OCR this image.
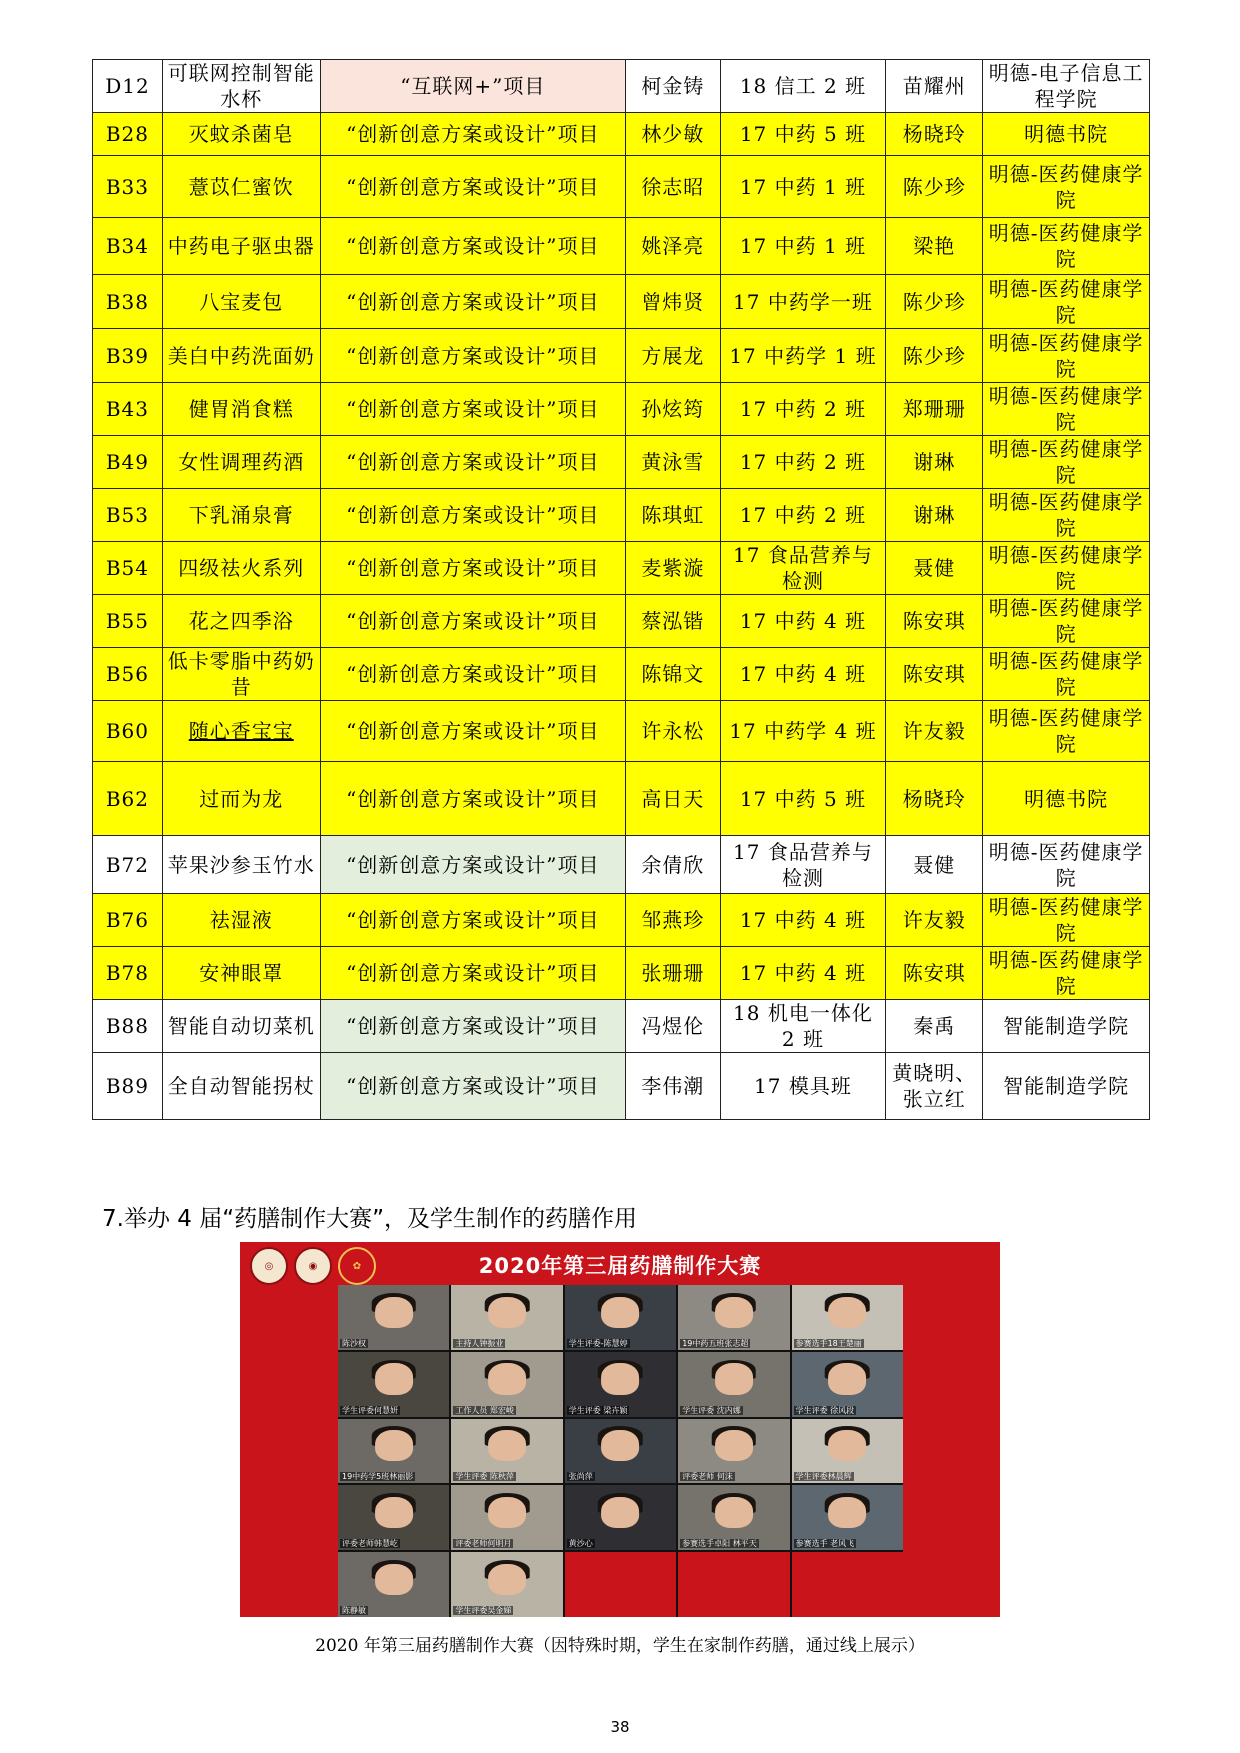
D12	可联网控制智能水杯	“互联网+”项目	柯金铸	18 信工 2 班	苗耀州	明德-电子信息工程学院
B28	灭蚊杀菌皂	“创新创意方案或设计”项目	林少敏	17 中药 5 班	杨晓玲	明德书院
B33	薏苡仁蜜饮	“创新创意方案或设计”项目	徐志昭	17 中药 1 班	陈少珍	明德-医药健康学院
B34	中药电子驱虫器	“创新创意方案或设计”项目	姚泽亮	17 中药 1 班	梁艳	明德-医药健康学院
B38	八宝麦包	“创新创意方案或设计”项目	曾炜贤	17 中药学一班	陈少珍	明德-医药健康学院
B39	美白中药洗面奶	“创新创意方案或设计”项目	方展龙	17 中药学 1 班	陈少珍	明德-医药健康学院
B43	健胃消食糕	“创新创意方案或设计”项目	孙炫筠	17 中药 2 班	郑珊珊	明德-医药健康学院
B49	女性调理药酒	“创新创意方案或设计”项目	黄泳雪	17 中药 2 班	谢琳	明德-医药健康学院
B53	下乳涌泉膏	“创新创意方案或设计”项目	陈琪虹	17 中药 2 班	谢琳	明德-医药健康学院
B54	四级祛火系列	“创新创意方案或设计”项目	麦紫漩	17 食品营养与检测	聂健	明德-医药健康学院
B55	花之四季浴	“创新创意方案或设计”项目	蔡泓锴	17 中药 4 班	陈安琪	明德-医药健康学院
B56	低卡零脂中药奶昔	“创新创意方案或设计”项目	陈锦文	17 中药 4 班	陈安琪	明德-医药健康学院
B60	随心香宝宝	“创新创意方案或设计”项目	许永松	17 中药学 4 班	许友毅	明德-医药健康学院
B62	过而为龙	“创新创意方案或设计”项目	高日天	17 中药 5 班	杨晓玲	明德书院
B72	苹果沙参玉竹水	“创新创意方案或设计”项目	余倩欣	17 食品营养与检测	聂健	明德-医药健康学院
B76	祛湿液	“创新创意方案或设计”项目	邹燕珍	17 中药 4 班	许友毅	明德-医药健康学院
B78	安神眼罩	“创新创意方案或设计”项目	张珊珊	17 中药 4 班	陈安琪	明德-医药健康学院
B88	智能自动切菜机	“创新创意方案或设计”项目	冯煜伦	18 机电一体化 2 班	秦禹	智能制造学院
B89	全自动智能拐杖	“创新创意方案或设计”项目	李伟潮	17 模具班	黄晓明、张立红	智能制造学院
7.举办 4 届“药膳制作大赛”，及学生制作的药膳作用
◎	◉	✿	2020年第三届药膳制作大赛
陈沙权	主持人钟振业	学生评委-陈慧婷	19中药五班张志超	参赛选手18王楚丽
学生评委何慧妍	工作人员 郑宏峻	学生评委 梁卉颖	学生评委 沈内娜	学生评委 徐风段
19中药学5班林丽影	学生评委 陈秋萍	张尚萍	评委老师 何沫	学生评委林晨辉
评委老师韩慧屹	评委老师何明月	黄沙心	参赛选手卓阳 林平天	参赛选手 老风飞
陈静敏	学生评委吴金娣
2020 年第三届药膳制作大赛（因特殊时期，学生在家制作药膳，通过线上展示）
38
